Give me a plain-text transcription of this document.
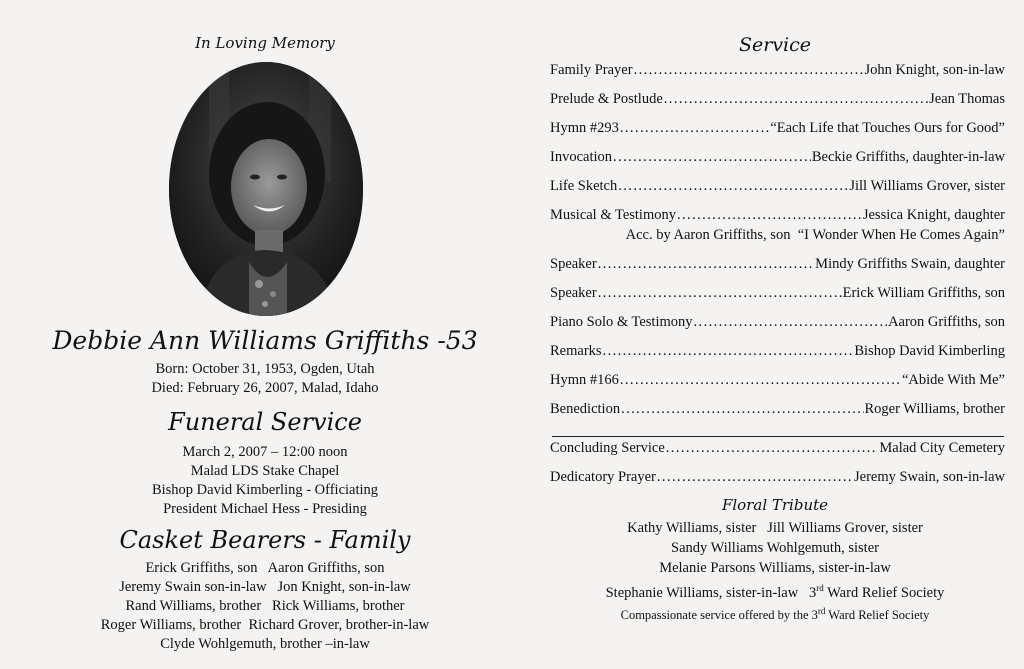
In Loving Memory
Debbie Ann Williams Griffiths -53
Born: October 31, 1953, Ogden, Utah
Died: February 26, 2007, Malad, Idaho
Funeral Service
March 2, 2007 – 12:00 noon
Malad LDS Stake Chapel
Bishop David Kimberling - Officiating
President Michael Hess - Presiding
Casket Bearers - Family
Erick Griffiths, son   Aaron Griffiths, son
Jeremy Swain son-in-law   Jon Knight, son-in-law
Rand Williams, brother   Rick Williams, brother
Roger Williams, brother  Richard Grover, brother-in-law
Clyde Wohlgemuth, brother –in-law
Service
Family Prayer .....	John Knight, son-in-law
Prelude & Postlude .....	Jean Thomas
Hymn #293 .....	“Each Life that Touches Ours for Good”
Invocation .....	Beckie Griffiths, daughter-in-law
Life Sketch .....	Jill Williams Grover, sister
Musical & Testimony .....	Jessica Knight, daughter
Acc. by Aaron Griffiths, son  “I Wonder When He Comes Again”
Speaker .....	Mindy Griffiths Swain, daughter
Speaker .....	Erick William Griffiths, son
Piano Solo & Testimony .....	Aaron Griffiths, son
Remarks .....	Bishop David Kimberling
Hymn #166 .....	“Abide With Me”
Benediction .....	Roger Williams, brother
Concluding Service .....	Malad City Cemetery
Dedicatory Prayer .....	Jeremy Swain, son-in-law
Floral Tribute
Kathy Williams, sister   Jill Williams Grover, sister
Sandy Williams Wohlgemuth, sister
Melanie Parsons Williams, sister-in-law
Stephanie Williams, sister-in-law   3rd Ward Relief Society
Compassionate service offered by the 3rd Ward Relief Society
